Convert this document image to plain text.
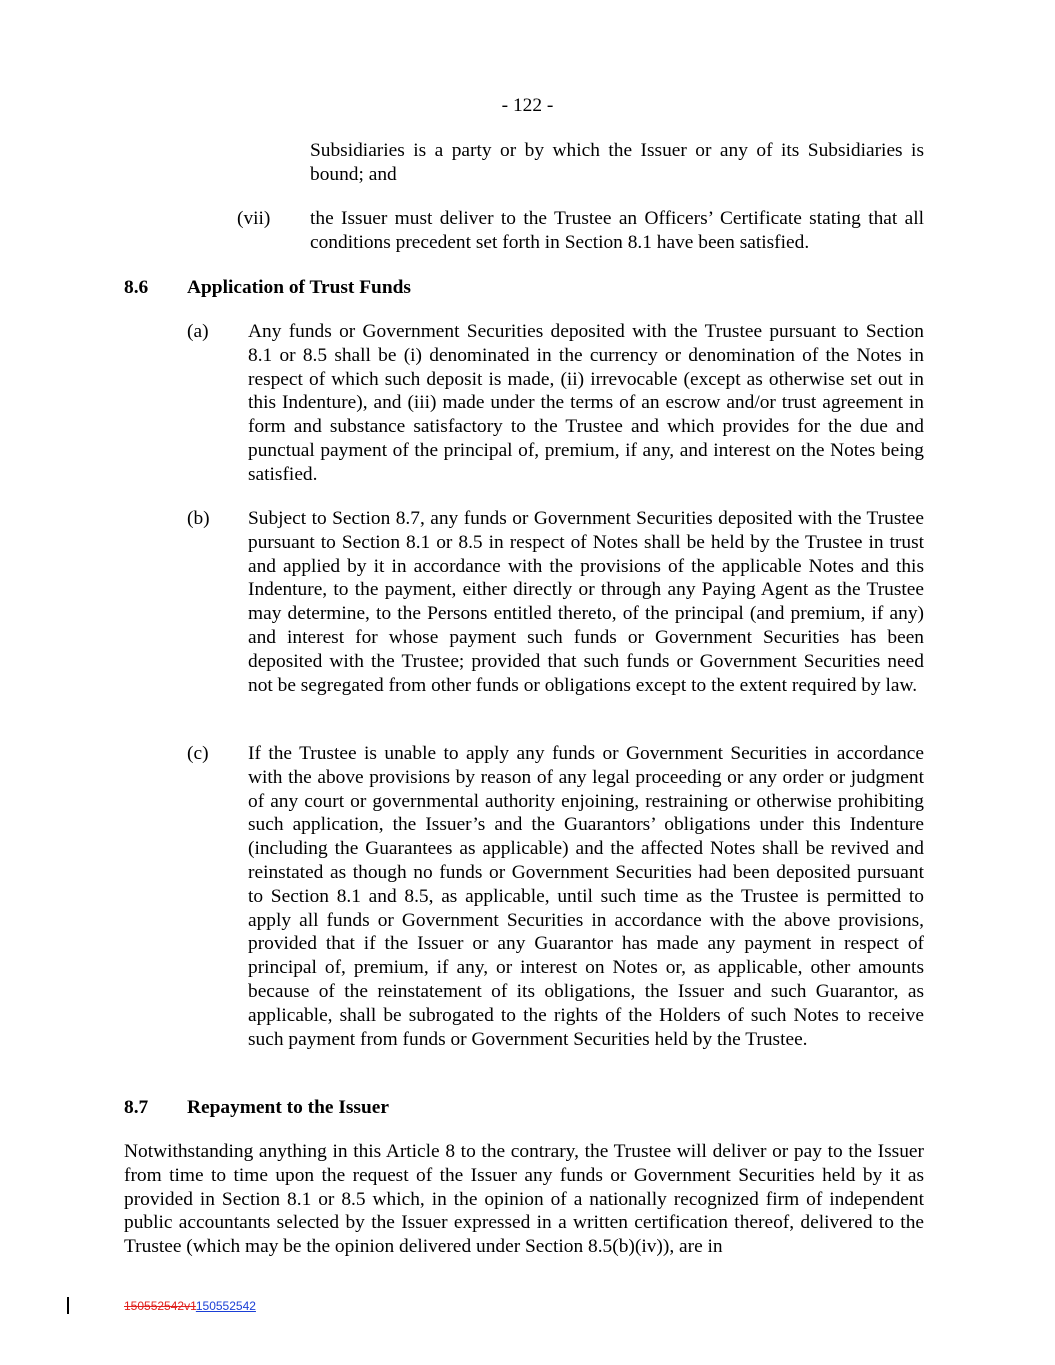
- 122 -

Subsidiaries is a party or by which the Issuer or any of its Subsidiaries is bound; and

(vii) the Issuer must deliver to the Trustee an Officers’ Certificate stating that all conditions precedent set forth in Section 8.1 have been satisfied.

8.6 Application of Trust Funds
(a) Any funds or Government Securities deposited with the Trustee pursuant to Section 8.1 or 8.5 shall be (i) denominated in the currency or denomination of the Notes in respect of which such deposit is made, (ii) irrevocable (except as otherwise set out in this Indenture), and (iii) made under the terms of an escrow and/or trust agreement in form and substance satisfactory to the Trustee and which provides for the due and punctual payment of the principal of, premium, if any, and interest on the Notes being satisfied.

(b) Subject to Section 8.7, any funds or Government Securities deposited with the Trustee pursuant to Section 8.1 or 8.5 in respect of Notes shall be held by the Trustee in trust and applied by it in accordance with the provisions of the applicable Notes and this Indenture, to the payment, either directly or through any Paying Agent as the Trustee may determine, to the Persons entitled thereto, of the principal (and premium, if any) and interest for whose payment such funds or Government Securities has been deposited with the Trustee; provided that such funds or Government Securities need not be segregated from other funds or obligations except to the extent required by law.

(c) If the Trustee is unable to apply any funds or Government Securities in accordance with the above provisions by reason of any legal proceeding or any order or judgment of any court or governmental authority enjoining, restraining or otherwise prohibiting such application, the Issuer’s and the Guarantors’ obligations under this Indenture (including the Guarantees as applicable) and the affected Notes shall be revived and reinstated as though no funds or Government Securities had been deposited pursuant to Section 8.1 and 8.5, as applicable, until such time as the Trustee is permitted to apply all funds or Government Securities in accordance with the above provisions, provided that if the Issuer or any Guarantor has made any payment in respect of principal of, premium, if any, or interest on Notes or, as applicable, other amounts because of the reinstatement of its obligations, the Issuer and such Guarantor, as applicable, shall be subrogated to the rights of the Holders of such Notes to receive such payment from funds or Government Securities held by the Trustee.

8.7 Repayment to the Issuer

Notwithstanding anything in this Article 8 to the contrary, the Trustee will deliver or pay to the Issuer from time to time upon the request of the Issuer any funds or Government Securities held by it as provided in Section 8.1 or 8.5 which, in the opinion of a nationally recognized firm of independent public accountants selected by the Issuer expressed in a written certification thereof, delivered to the Trustee (which may be the opinion delivered under Section 8.5(b)(iv)), are in

150552542v1150552542
